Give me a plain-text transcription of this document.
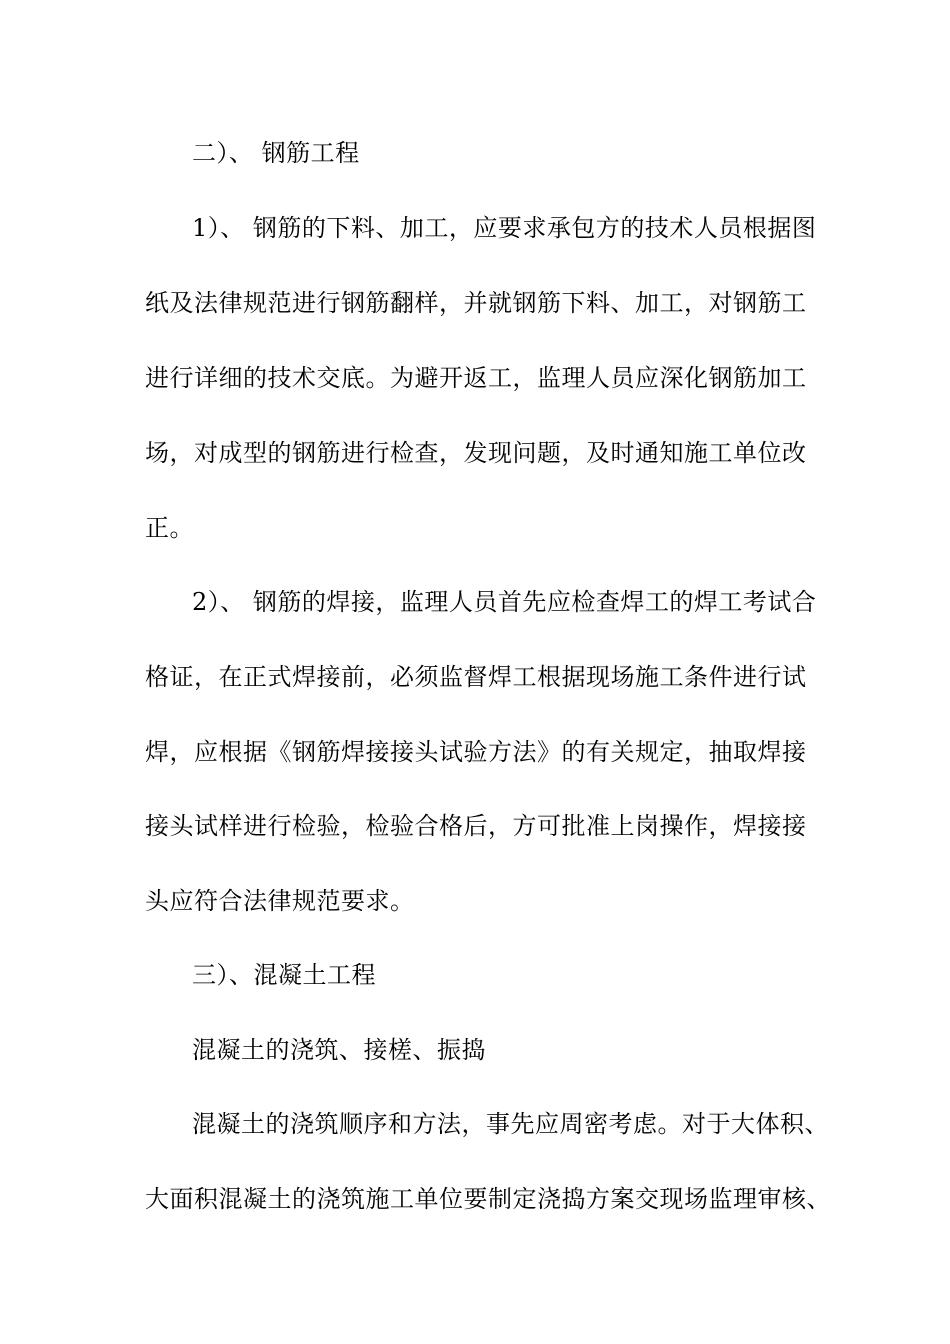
二）、 钢筋工程
1）、 钢筋的下料、加工，应要求承包方的技术人员根据图
纸及法律规范进行钢筋翻样，并就钢筋下料、加工，对钢筋工
进行详细的技术交底。为避开返工，监理人员应深化钢筋加工
场，对成型的钢筋进行检查，发现问题，及时通知施工单位改
正。
2）、 钢筋的焊接，监理人员首先应检查焊工的焊工考试合
格证，在正式焊接前，必须监督焊工根据现场施工条件进行试
焊，应根据《钢筋焊接接头试验方法》的有关规定，抽取焊接
接头试样进行检验，检验合格后，方可批准上岗操作，焊接接
头应符合法律规范要求。
三）、混凝土工程
混凝土的浇筑、接槎、振捣
混凝土的浇筑顺序和方法，事先应周密考虑。对于大体积、
大面积混凝土的浇筑施工单位要制定浇捣方案交现场监理审核、
